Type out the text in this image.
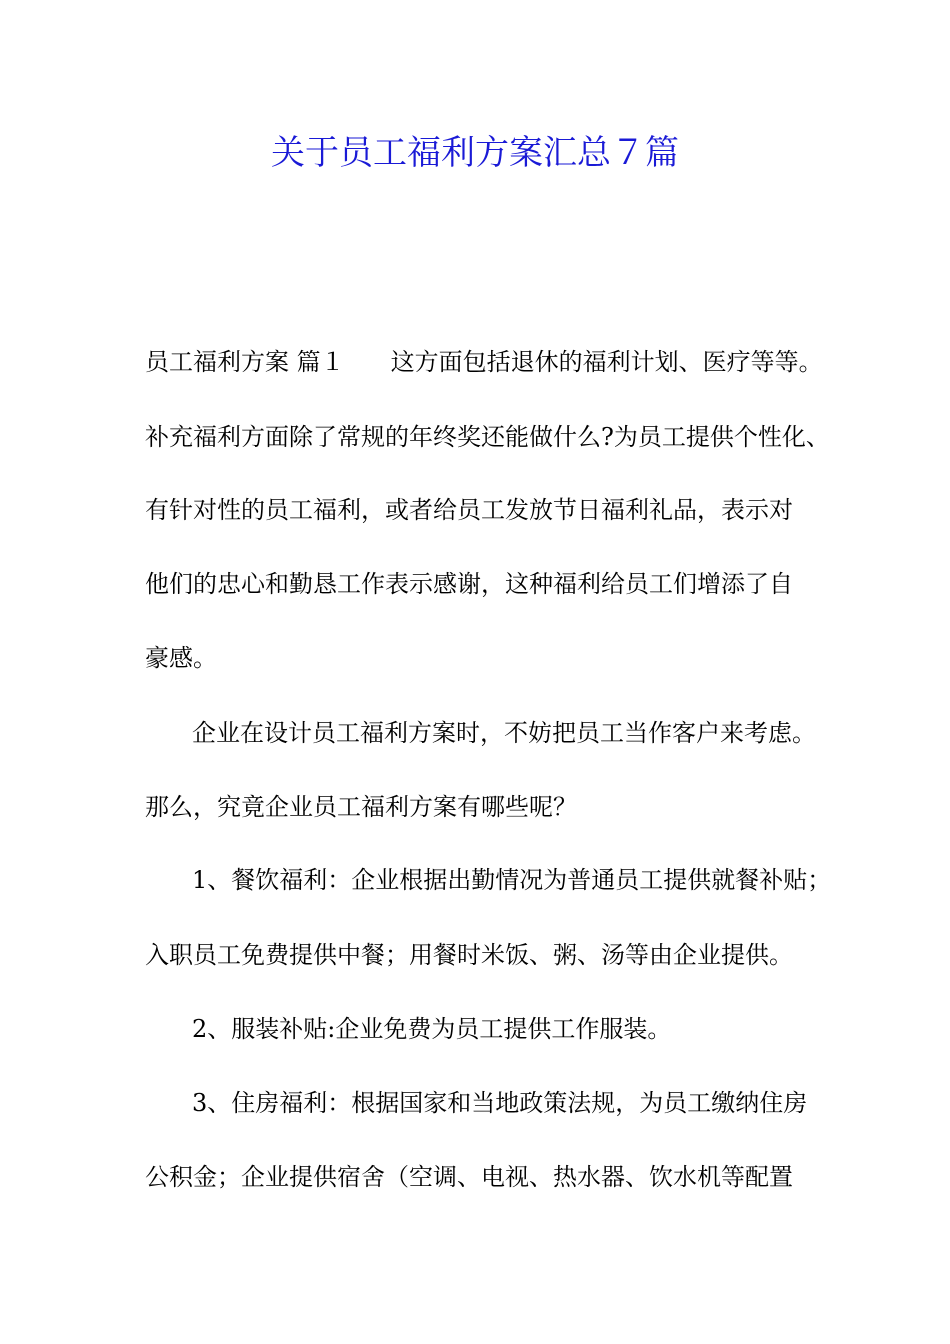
关于员工福利方案汇总７篇
员工福利方案 篇１ 这方面包括退休的福利计划、医疗等等。
补充福利方面除了常规的年终奖还能做什么?为员工提供个性化、
有针对性的员工福利，或者给员工发放节日福利礼品，表示对
他们的忠心和勤恳工作表示感谢，这种福利给员工们增添了自
豪感。
企业在设计员工福利方案时，不妨把员工当作客户来考虑。
那么，究竟企业员工福利方案有哪些呢？
1、餐饮福利：企业根据出勤情况为普通员工提供就餐补贴；
入职员工免费提供中餐；用餐时米饭、粥、汤等由企业提供。
2、服装补贴:企业免费为员工提供工作服装。
3、住房福利：根据国家和当地政策法规，为员工缴纳住房
公积金；企业提供宿舍（空调、电视、热水器、饮水机等配置
